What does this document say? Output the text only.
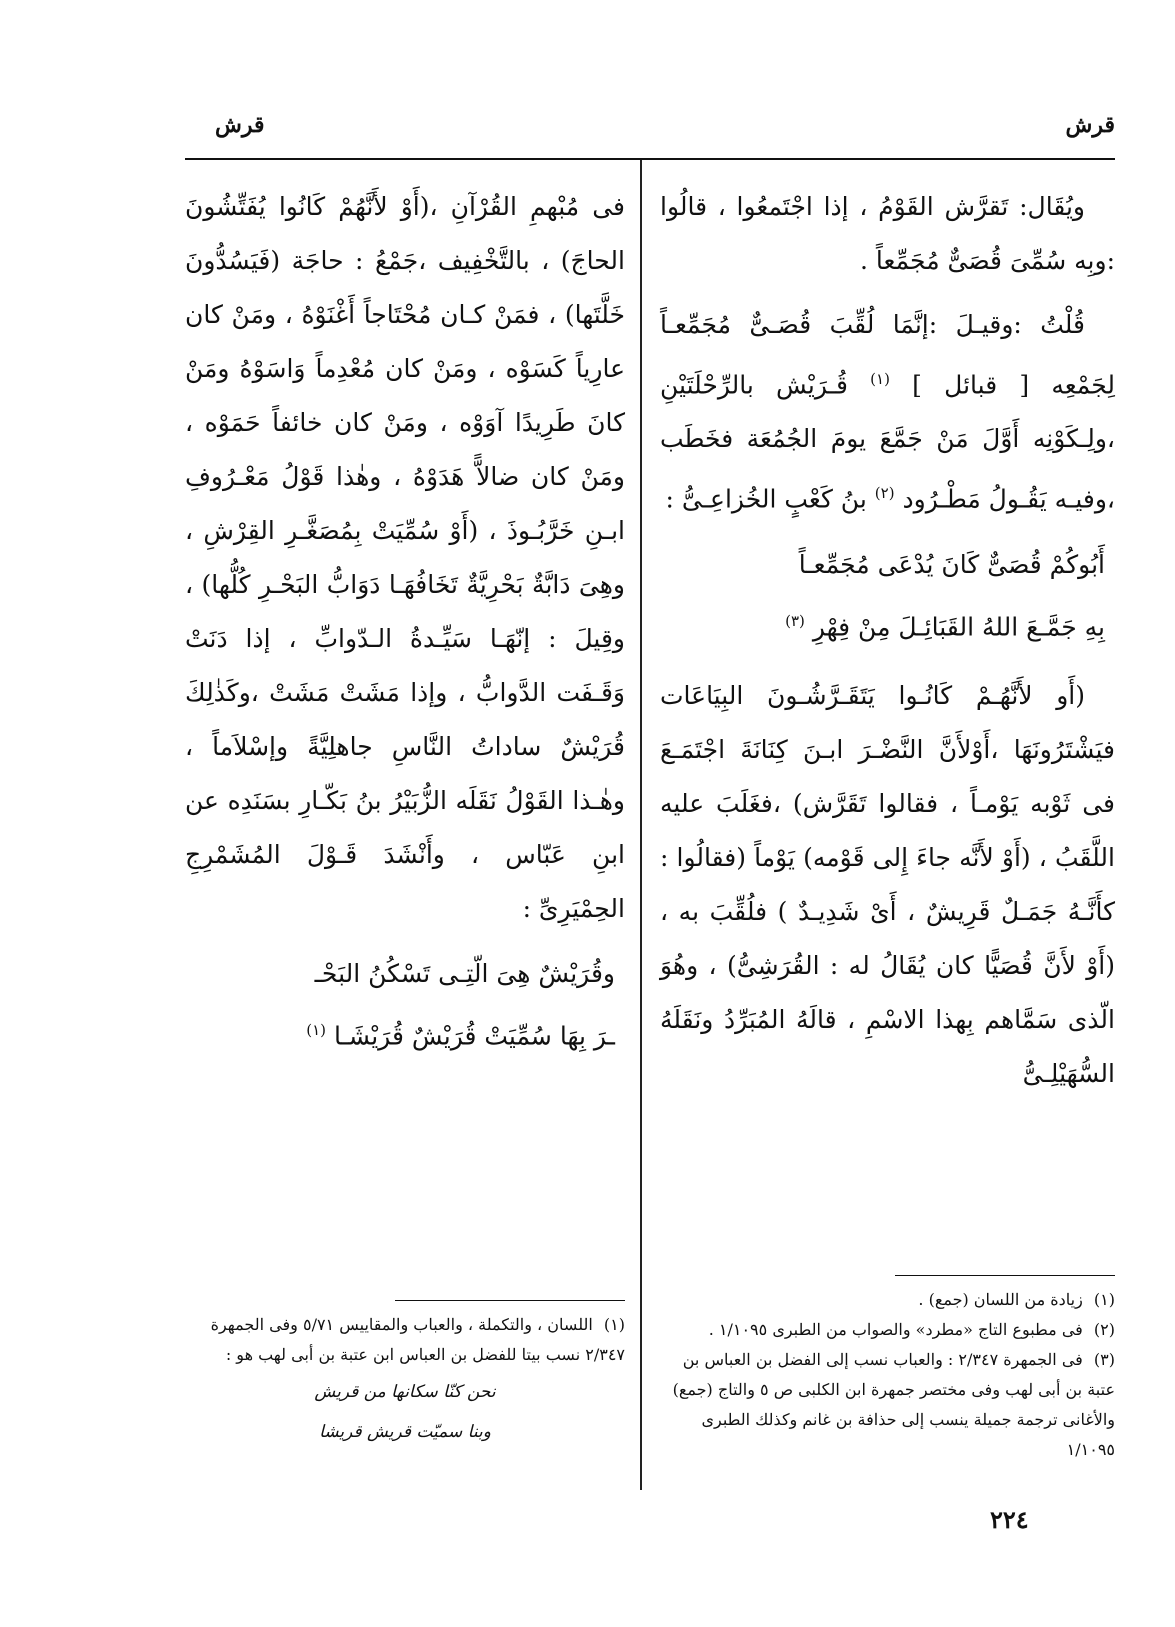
قرش
قرش

ويُقَال: تَقرَّش القَوْمُ ، إذا اجْتَمعُوا ، قالُوا :وبِه سُمِّىَ قُصَىٌّ مُجَمِّعاً .

قُلْتُ :وقيـلَ :إنَّمَا لُقِّبَ قُصَـىٌّ مُجَمِّعـاً لِجَمْعِه [ قبائل ] $^{(١)}$ قُـرَيْش بالرِّحْلَتَيْنِ ،ولِـكَوْنِه أَوَّلَ مَنْ جَمَّعَ يومَ الجُمُعَة فخَطَب ،وفيـه يَقُـولُ مَطْـرُود $^{(٢)}$ بنُ كَعْبٍ الخُزاعِـىُّ :

أَبُوكُمْ قُصَىٌّ كَانَ يُدْعَى مُجَمِّعـاً
بِهِ جَمَّـعَ اللهُ القَبَائِـلَ مِنْ فِهْرِ $^{(٣)}$

(أَو لأَنَّهُـمْ كَانُـوا يَتَقَـرَّشُـونَ البِيَاعَات فيَشْتَرُونَهَا ،أَوْلأَنَّ النَّضْـرَ ابـنَ كِنَانَةَ اجْتَمَـعَ فى ثَوْبه يَوْمـاً ، فقالوا تَقَرَّش) ،فغَلَبَ عليه اللَّقَبُ ، (أَوْ لأَنَّه جاءَ إِلى قَوْمه) يَوْماً (فقالُوا : كأَنَّـهُ جَمَـلٌ قَرِيشٌ ، أَىْ شَدِيـدٌ ) فلُقِّبَ به ، (أَوْ لأَنَّ قُصَيًّا كان يُقَالُ له : القُرَشِىُّ) ، وهُوَ الّذى سَمَّاهم بِهذا الاسْمِ ، قالَهُ المُبَرِّدُ ونَقَلَهُ السُّهَيْلِـىُّ

فى مُبْهمِ القُرْآنِ ،(أَوْ لأَنَّهُمْ كَانُوا يُفَتِّشُونَ الحاجَ) ، بالتَّخْفِيف ،جَمْعُ : حاجَة (فَيَسُدُّونَ خَلَّتَها) ، فمَنْ كـان مُحْتَاجاً أَغْنَوْهُ ، ومَنْ كان عارِياً كَسَوْه ، ومَنْ كان مُعْدِماً وَاسَوْهُ ومَنْ كانَ طَرِيدًا آوَوْه ، ومَنْ كان خائفاً حَمَوْه ، ومَنْ كان ضالاًّ هَدَوْهُ ، وهٰذا قَوْلُ مَعْـرُوفِ ابـنِ خَرَّبُـوذَ ، (أَوْ سُمِّيَتْ بِمُصَغَّـرِ القِرْشِ ، وهِىَ دَابَّةٌ بَحْرِيَّةٌ تَخَافُهَـا دَوَابُّ البَحْـرِ كُلُّها) ، وقِيلَ : إنّهَـا سَيِّـدةُ الـدّوابِّ ، إذا دَنَتْ وَقَـفَت الدَّوابُّ ، وإذا مَشَتْ مَشَتْ ،وكَذٰلِكَ قُرَيْشٌ ساداتُ النَّاسِ جاهلِيَّةً وإسْلاَماً ، وهٰـذا القَوْلُ نَقَلَه الزُّبَيْرُ بنُ بَكّـارِ بسَنَدِه عن ابنِ عَبّاس ، وأَنْشَدَ قَـوْلَ المُشَمْرِجِ الحِمْيَرِىِّ :

وقُرَيْشٌ هِىَ الّتِـى تَسْكُنُ البَحْـ
ـرَ بِهَا سُمِّيَتْ قُرَيْشٌ قُرَيْشَـا $^{(١)}$

(١) زيادة من اللسان (جمع) .

(٢) فى مطبوع التاج «مطرد» والصواب من الطبرى ١/١٠٩٥ .

(٣) فى الجمهرة ٢/٣٤٧ : والعباب نسب إلى الفضل بن العباس بن عتبة بن أبى لهب وفى مختصر جمهرة ابن الكلبى ص ٥ والتاج (جمع) والأغانى ترجمة جميلة ينسب إلى حذافة بن غانم وكذلك الطبرى ١/١٠٩٥

(١) اللسان ، والتكملة ، والعباب والمقاييس ٥/٧١ وفى الجمهرة ٢/٣٤٧ نسب بيتا للفضل بن العباس ابن عتبة بن أبى لهب هو :

نحن كنّا سكانها من قريش

وبنا سميّت قريش قريشا

٢٢٤
